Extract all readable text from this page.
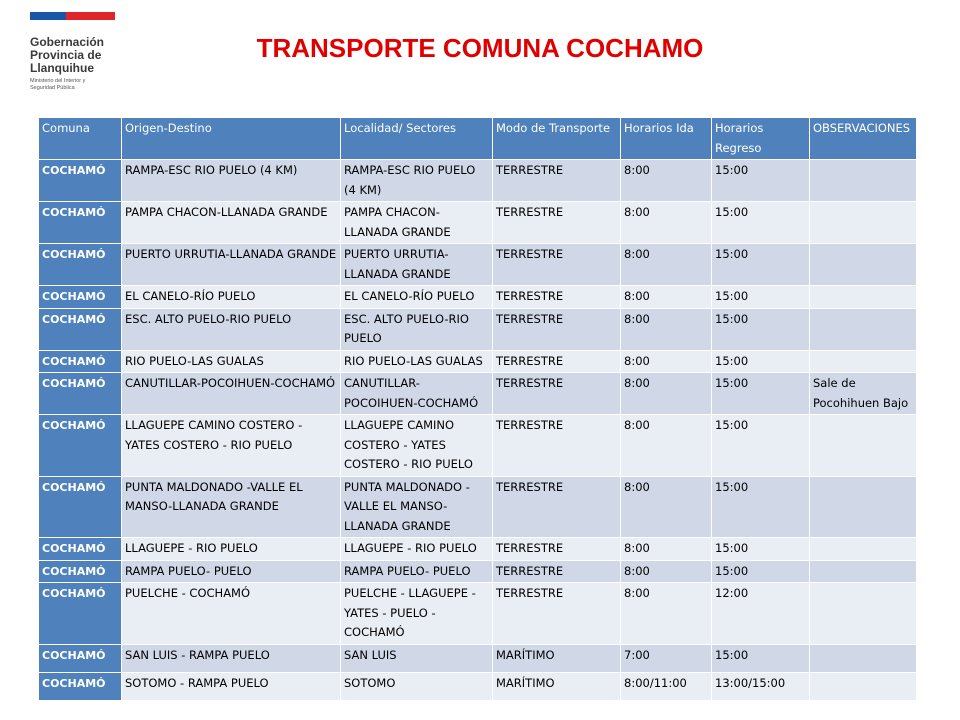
Gobernación
Provincia de
Llanquihue
Ministerio del Interior y
Seguridad Pública
TRANSPORTE COMUNA COCHAMO
Comuna	Origen-Destino	Localidad/ Sectores	Modo de Transporte	Horarios Ida	Horarios Regreso	OBSERVACIONES
COCHAMÓ	RAMPA-ESC RIO PUELO (4 KM)	RAMPA-ESC RIO PUELO (4 KM)	TERRESTRE	8:00	15:00	
COCHAMÓ	PAMPA CHACON-LLANADA GRANDE	PAMPA CHACON-LLANADA GRANDE	TERRESTRE	8:00	15:00	
COCHAMÓ	PUERTO URRUTIA-LLANADA GRANDE	PUERTO URRUTIA-LLANADA GRANDE	TERRESTRE	8:00	15:00	
COCHAMÓ	EL CANELO-RÍO PUELO	EL CANELO-RÍO PUELO	TERRESTRE	8:00	15:00	
COCHAMÓ	ESC. ALTO PUELO-RIO PUELO	ESC. ALTO PUELO-RIO PUELO	TERRESTRE	8:00	15:00	
COCHAMÓ	RIO PUELO-LAS GUALAS	RIO PUELO-LAS GUALAS	TERRESTRE	8:00	15:00	
COCHAMÓ	CANUTILLAR-POCOIHUEN-COCHAMÓ	CANUTILLAR-POCOIHUEN-COCHAMÓ	TERRESTRE	8:00	15:00	Sale de Pocohihuen Bajo
COCHAMÓ	LLAGUEPE CAMINO COSTERO - YATES COSTERO - RIO PUELO	LLAGUEPE CAMINO COSTERO - YATES COSTERO - RIO PUELO	TERRESTRE	8:00	15:00	
COCHAMÓ	PUNTA MALDONADO -VALLE EL MANSO-LLANADA GRANDE	PUNTA MALDONADO - VALLE EL MANSO-LLANADA GRANDE	TERRESTRE	8:00	15:00	
COCHAMÓ	LLAGUEPE - RIO PUELO	LLAGUEPE - RIO PUELO	TERRESTRE	8:00	15:00	
COCHAMÓ	RAMPA PUELO- PUELO	RAMPA PUELO- PUELO	TERRESTRE	8:00	15:00	
COCHAMÓ	PUELCHE - COCHAMÓ	PUELCHE - LLAGUEPE - YATES - PUELO - COCHAMÓ	TERRESTRE	8:00	12:00	
COCHAMÓ	SAN LUIS - RAMPA PUELO	SAN LUIS	MARÍTIMO	7:00	15:00	
COCHAMÓ	SOTOMO - RAMPA PUELO	SOTOMO	MARÍTIMO	8:00/11:00	13:00/15:00	
